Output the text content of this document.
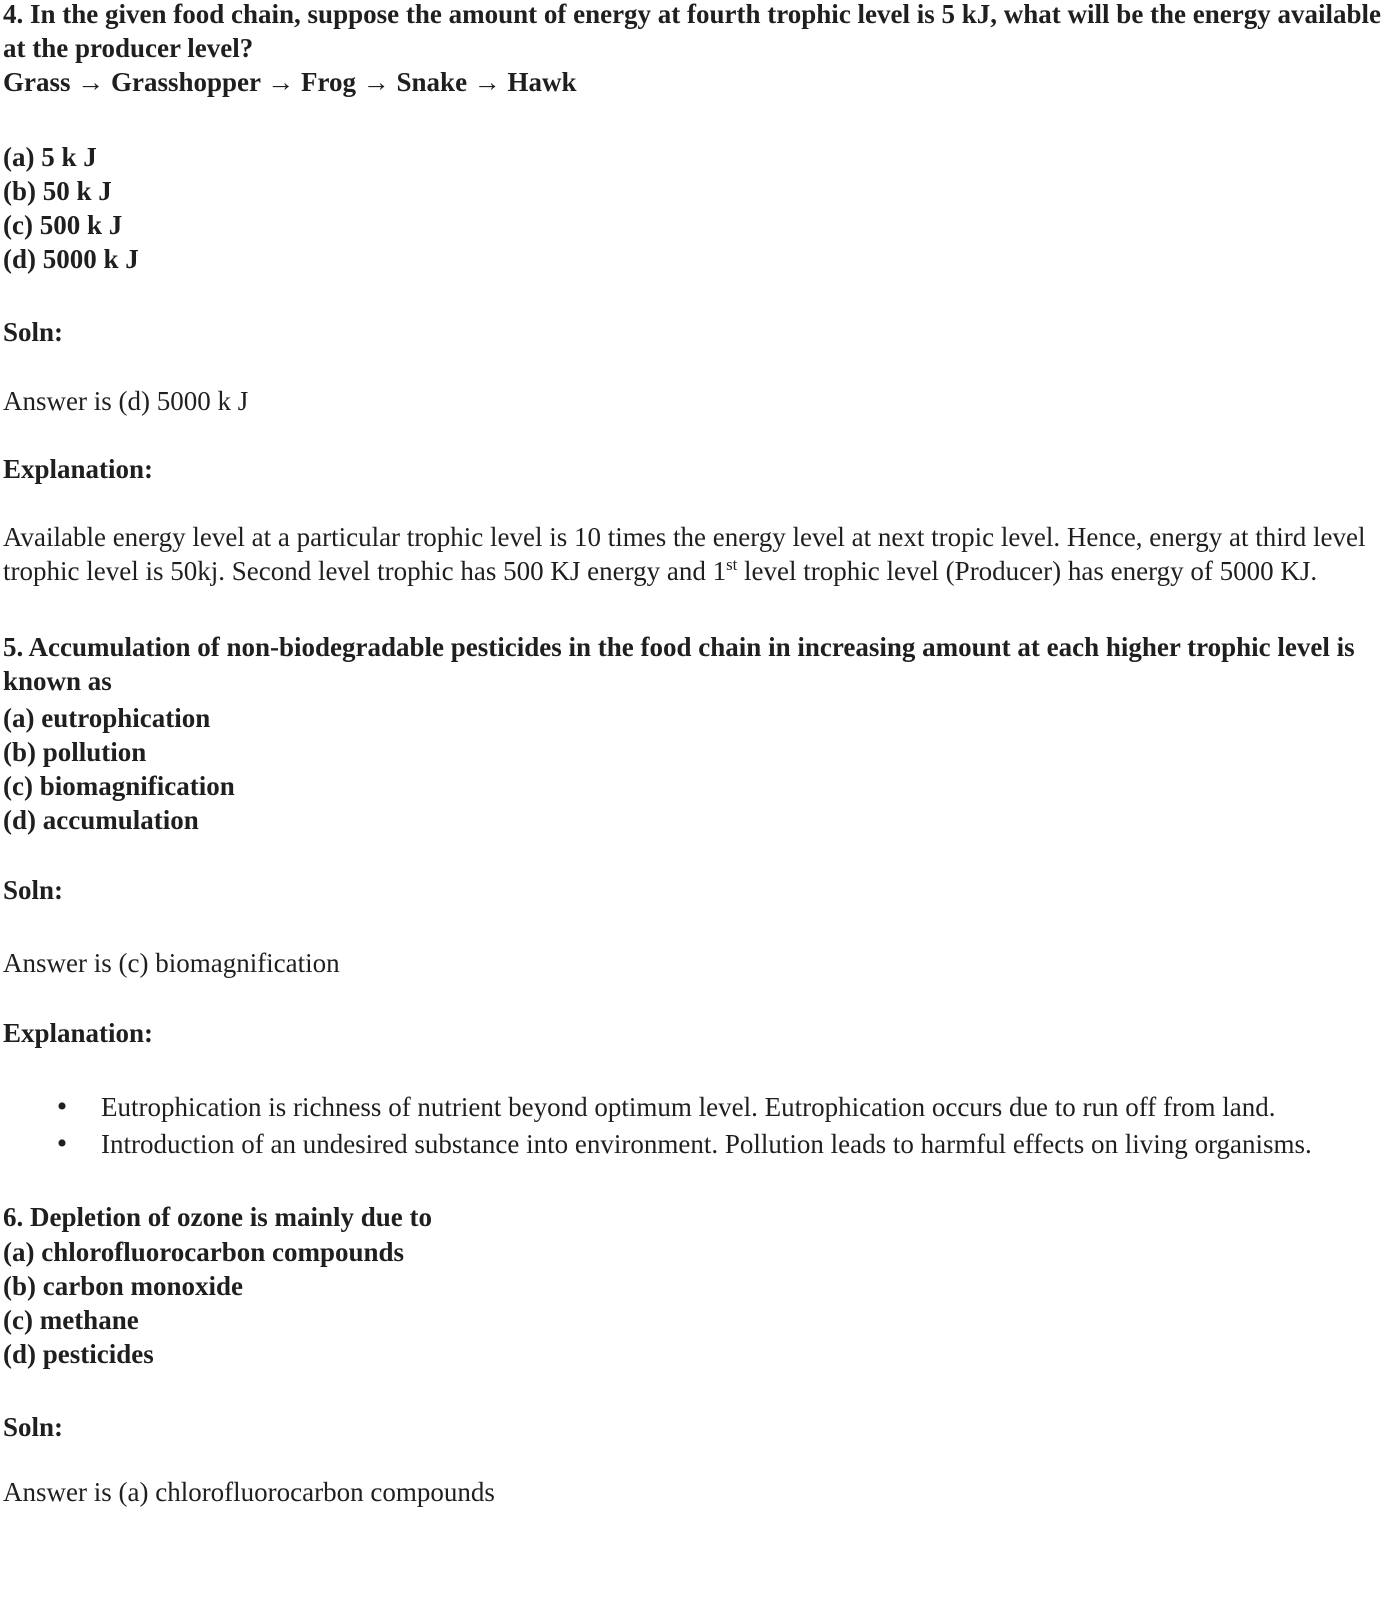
4. In the given food chain, suppose the amount of energy at fourth trophic level is 5 kJ, what will be the energy available at the producer level?
Grass → Grasshopper → Frog → Snake → Hawk
(a) 5 k J
(b) 50 k J
(c) 500 k J
(d) 5000 k J
Soln:
Answer is (d) 5000 k J
Explanation:
Available energy level at a particular trophic level is 10 times the energy level at next tropic level. Hence, energy at third level trophic level is 50kj. Second level trophic has 500 KJ energy and 1st level trophic level (Producer) has energy of 5000 KJ.
5. Accumulation of non-biodegradable pesticides in the food chain in increasing amount at each higher trophic level is known as
(a) eutrophication
(b) pollution
(c) biomagnification
(d) accumulation
Soln:
Answer is (c) biomagnification
Explanation:
• Eutrophication is richness of nutrient beyond optimum level. Eutrophication occurs due to run off from land.
• Introduction of an undesired substance into environment. Pollution leads to harmful effects on living organisms.
6. Depletion of ozone is mainly due to
(a) chlorofluorocarbon compounds
(b) carbon monoxide
(c) methane
(d) pesticides
Soln:
Answer is (a) chlorofluorocarbon compounds
